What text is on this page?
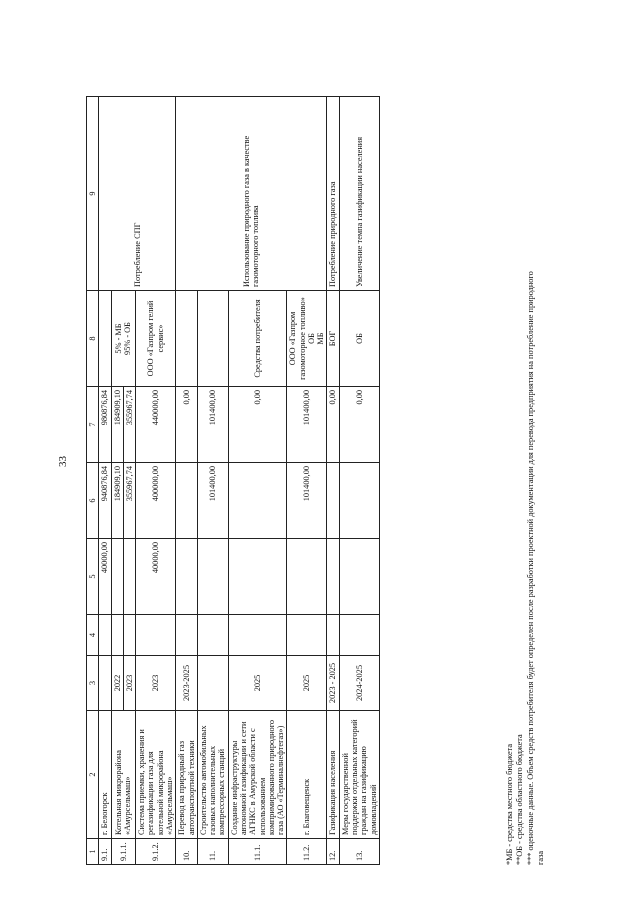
33
1	2	3	4	5	6	7	8	9
9.1.	г. Белогорск			40000,00	940876,84	980876,84		Потребление СПГ
9.1.1.	Котельная микрорайона «Амурсельмаш»	2022			184909,10	184909,10	5% - МБ
95% - ОБ	
		2023			355967,74	355967,74		
9.1.2.	Система приемки, хранения и регазификации газа для котельной микрорайона «Амурсельмаш»	2023		40000,00	400000,00	440000,00	ООО «Газпром гелий сервис»	
10.	Перевод на природный газ автотранспортной техники	2023-2025				0,00		Использование природного газа в качестве газомоторного топлива
11.	Строительство автомобильных газовых наполнительных компрессорных станций				101400,00	101400,00		
11.1.	Создание инфраструктуры автономной газификации и сети АГНКС в Амурской области с использованием компримированного природного газа (АО «Терминалнефтегаз»)	2025				0,00	Средства потребителя	
11.2.	г. Благовещенск	2025			101400,00	101400,00	ООО «Газпром газомоторное топливо»
ОБ
МБ	
12.	Газификация населения	2023 - 2025				0,00	БОГ	Потребление природного газа
13.	Меры государственной поддержки отдельных категорий граждан на газификацию домовладений	2024-2025				0,00	ОБ	Увеличение темпа газификации населения
*МБ - средства местного бюджета **ОБ - средства областного бюджета *** оценочные данные. Объем средств потребителя будет определен после разработки проектной документации для перевода предприятия на потребление природного газа
